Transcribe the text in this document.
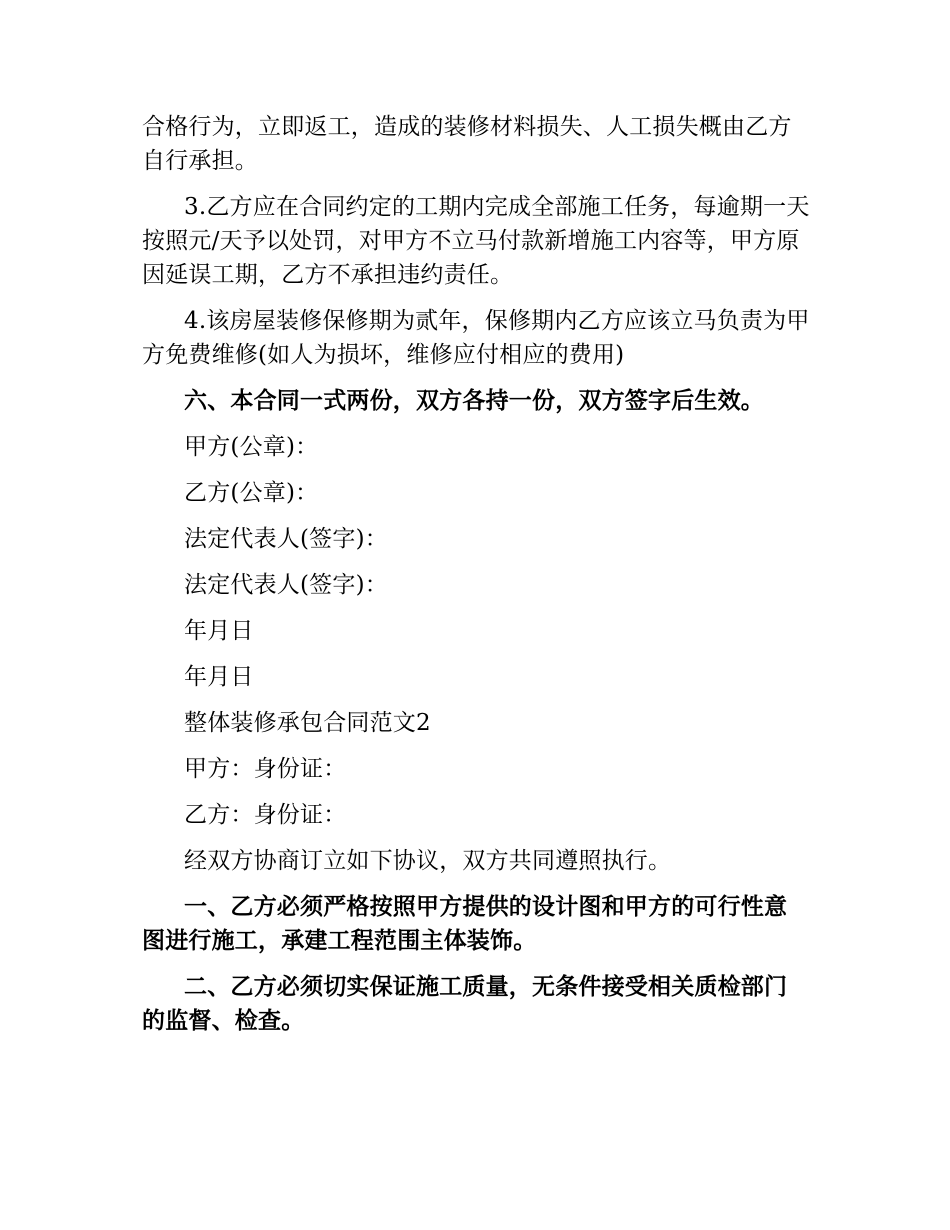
合格行为，立即返工，造成的装修材料损失、人工损失概由乙方自行承担。

3.乙方应在合同约定的工期内完成全部施工任务，每逾期一天按照元/天予以处罚，对甲方不立马付款新增施工内容等，甲方原因延误工期，乙方不承担违约责任。

4.该房屋装修保修期为贰年，保修期内乙方应该立马负责为甲方免费维修(如人为损坏，维修应付相应的费用)

六、本合同一式两份，双方各持一份，双方签字后生效。

甲方(公章)：

乙方(公章)：

法定代表人(签字)：

法定代表人(签字)：

年月日

年月日

整体装修承包合同范文2

甲方：身份证：

乙方：身份证：

经双方协商订立如下协议，双方共同遵照执行。

一、乙方必须严格按照甲方提供的设计图和甲方的可行性意图进行施工，承建工程范围主体装饰。

二、乙方必须切实保证施工质量，无条件接受相关质检部门的监督、检查。
